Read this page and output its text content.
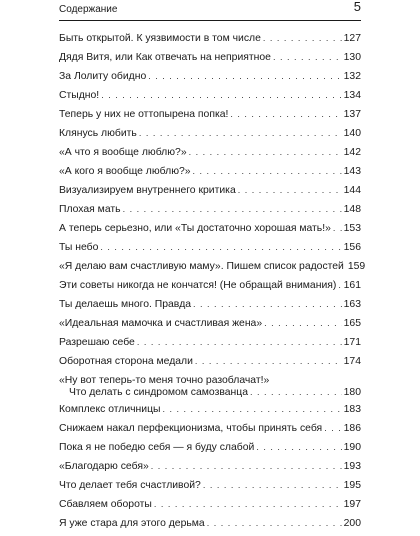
Содержание	5
Быть открытой. К уязвимости в том числе . . .	127
Дядя Витя, или Как отвечать на неприятное . . .	130
За Лолиту обидно . . .	132
Стыдно! . . .	134
Теперь у них не оттопырена попка! . . .	137
Клянусь любить . . .	140
«А что я вообще люблю?» . . .	142
«А кого я вообще люблю?» . . .	143
Визуализируем внутреннего критика . . .	144
Плохая мать . . .	148
А теперь серьезно, или «Ты достаточно хорошая мать!» . . . 153
Ты небо . . .	156
«Я делаю вам счастливую маму». Пишем список радостей 159
Эти советы никогда не кончатся! (Не обращай внимания) . . . 161
Ты делаешь много. Правда . . .	163
«Идеальная мамочка и счастливая жена» . . .	165
Разрешаю себе . . .	171
Оборотная сторона медали . . .	174
«Ну вот теперь-то меня точно разоблачат!»
Что делать с синдромом самозванца . . .	180
Комплекс отличницы . . .	183
Снижаем накал перфекционизма, чтобы принять себя . . . 186
Пока я не победю себя — я буду слабой . . .	190
«Благодарю себя» . . .	193
Что делает тебя счастливой? . . .	195
Сбавляем обороты . . .	197
Я уже стара для этого дерьма . . .	200
